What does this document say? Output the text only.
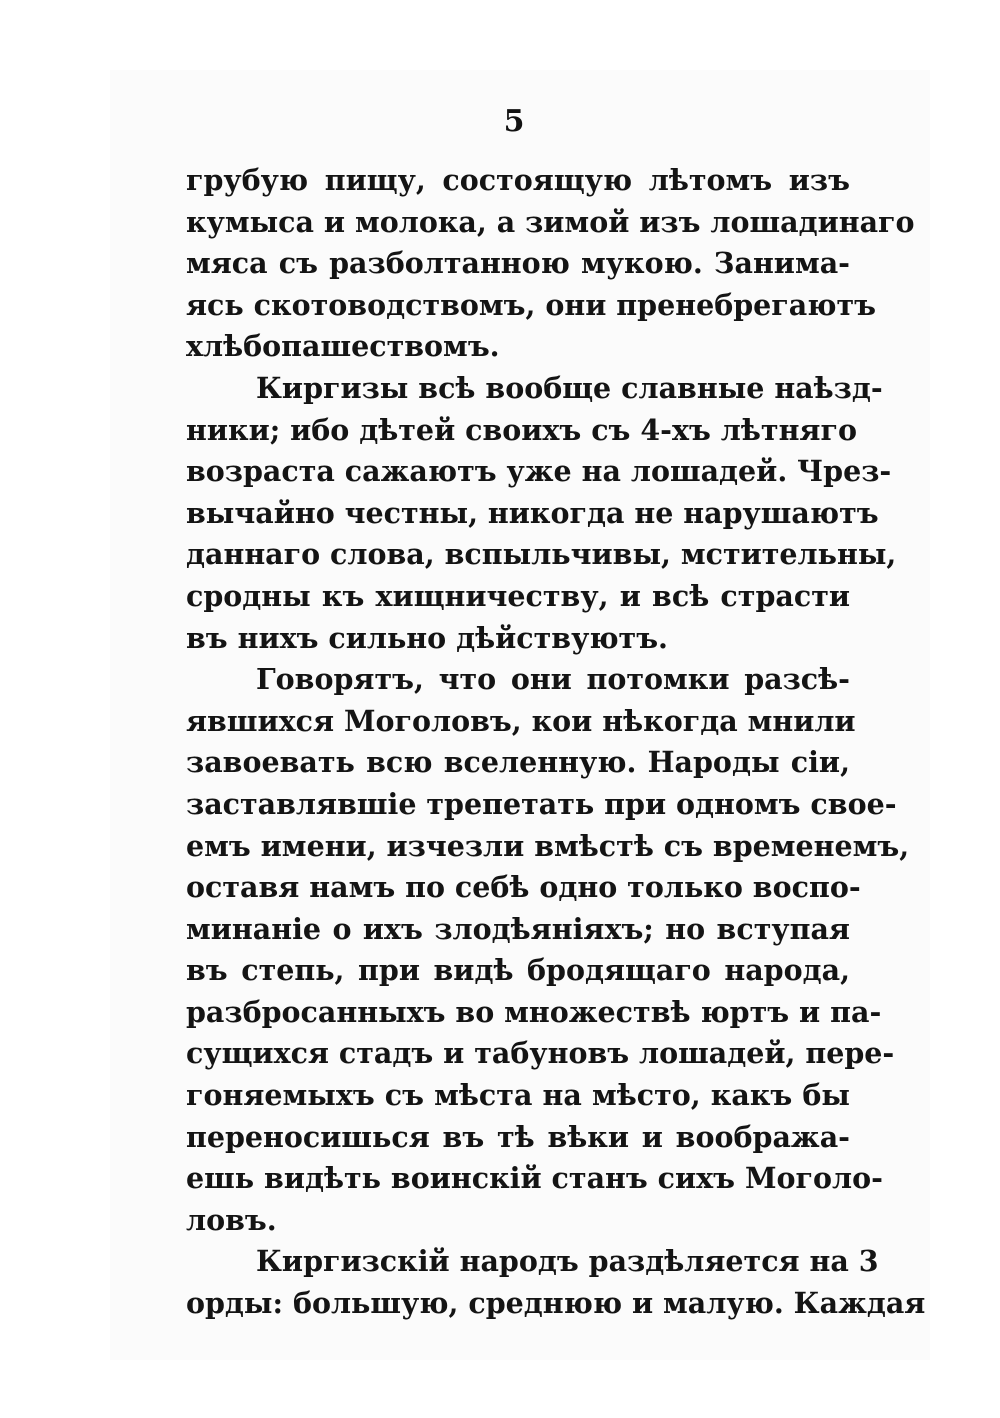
5
грубую пищу, состоящую лѣтомъ изъ
кумыса и молока, а зимой изъ лошадинаго
мяса съ разболтанною мукою. Занима-
ясь скотоводствомъ, они пренебрегаютъ
хлѣбопашествомъ.
Киргизы всѣ вообще славные наѣзд-
ники; ибо дѣтей своихъ съ 4-хъ лѣтняго
возраста сажаютъ уже на лошадей. Чрез-
вычайно честны, никогда не нарушаютъ
даннаго слова, вспыльчивы, мстительны,
сродны къ хищничеству, и всѣ страсти
въ нихъ сильно дѣйствуютъ.
Говорятъ, что они потомки разсѣ-
явшихся Моголовъ, кои нѣкогда мнили
завоевать всю вселенную. Народы сіи,
заставлявшіе трепетать при одномъ свое-
емъ имени, изчезли вмѣстѣ съ временемъ,
оставя намъ по себѣ одно только воспо-
минаніе о ихъ злодѣяніяхъ; но вступая
въ степь, при видѣ бродящаго народа,
разбросанныхъ во множествѣ юртъ и па-
сущихся стадъ и табуновъ лошадей, пере-
гоняемыхъ съ мѣста на мѣсто, какъ бы
переносишься въ тѣ вѣки и воображa-
ешь видѣть воинскій станъ сихъ Моголо-
ловъ.
Киргизскій народъ раздѣляется на 3
орды: большую, среднюю и малую. Каждая
